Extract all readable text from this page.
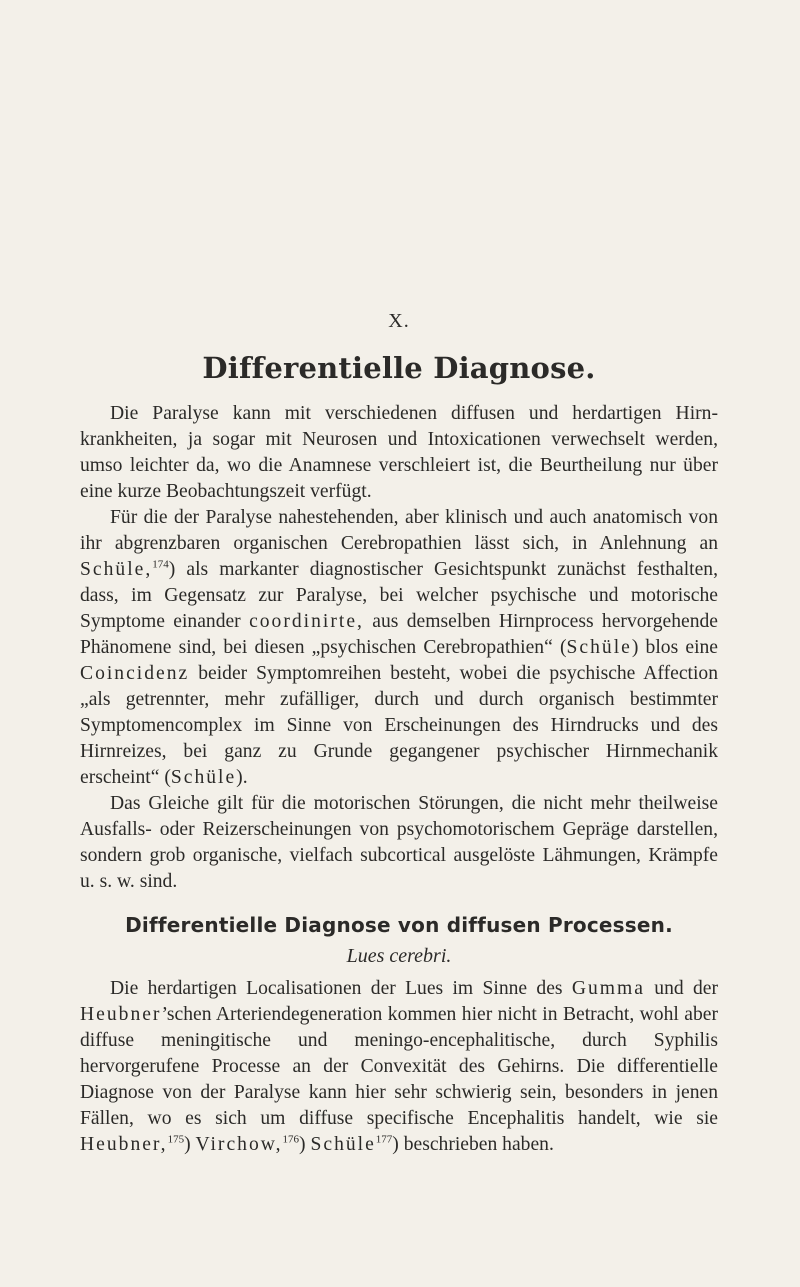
X.
Differentielle Diagnose.

Die Paralyse kann mit verschiedenen diffusen und herdartigen Hirnkrankheiten, ja sogar mit Neurosen und Intoxicationen verwechselt werden, umso leichter da, wo die Anamnese verschleiert ist, die Beurtheilung nur über eine kurze Beobachtungszeit verfügt.

Für die der Paralyse nahestehenden, aber klinisch und auch anatomisch von ihr abgrenzbaren organischen Cerebropathien lässt sich, in Anlehnung an Schüle,$^{174}$) als markanter diagnostischer Gesichtspunkt zunächst festhalten, dass, im Gegensatz zur Paralyse, bei welcher psychische und motorische Symptome einander coordinirte, aus demselben Hirnprocess hervorgehende Phänomene sind, bei diesen „psychischen Cerebropathien“ (Schüle) blos eine Coincidenz beider Symptomreihen besteht, wobei die psychische Affection „als getrennter, mehr zufälliger, durch und durch organisch bestimmter Symptomencomplex im Sinne von Erscheinungen des Hirndrucks und des Hirnreizes, bei ganz zu Grunde gegangener psychischer Hirnmechanik erscheint“ (Schüle).

Das Gleiche gilt für die motorischen Störungen, die nicht mehr theilweise Ausfalls- oder Reizerscheinungen von psychomotorischem Gepräge darstellen, sondern grob organische, vielfach subcortical ausgelöste Lähmungen, Krämpfe u. s. w. sind.

Differentielle Diagnose von diffusen Processen.
Lues cerebri.

Die herdartigen Localisationen der Lues im Sinne des Gumma und der Heubner’schen Arteriendegeneration kommen hier nicht in Betracht, wohl aber diffuse meningitische und meningo-encephalitische, durch Syphilis hervorgerufene Processe an der Convexität des Gehirns. Die differentielle Diagnose von der Paralyse kann hier sehr schwierig sein, besonders in jenen Fällen, wo es sich um diffuse specifische Encephalitis handelt, wie sie Heubner,$^{175}$) Virchow,$^{176}$) Schüle$^{177}$) beschrieben haben.
